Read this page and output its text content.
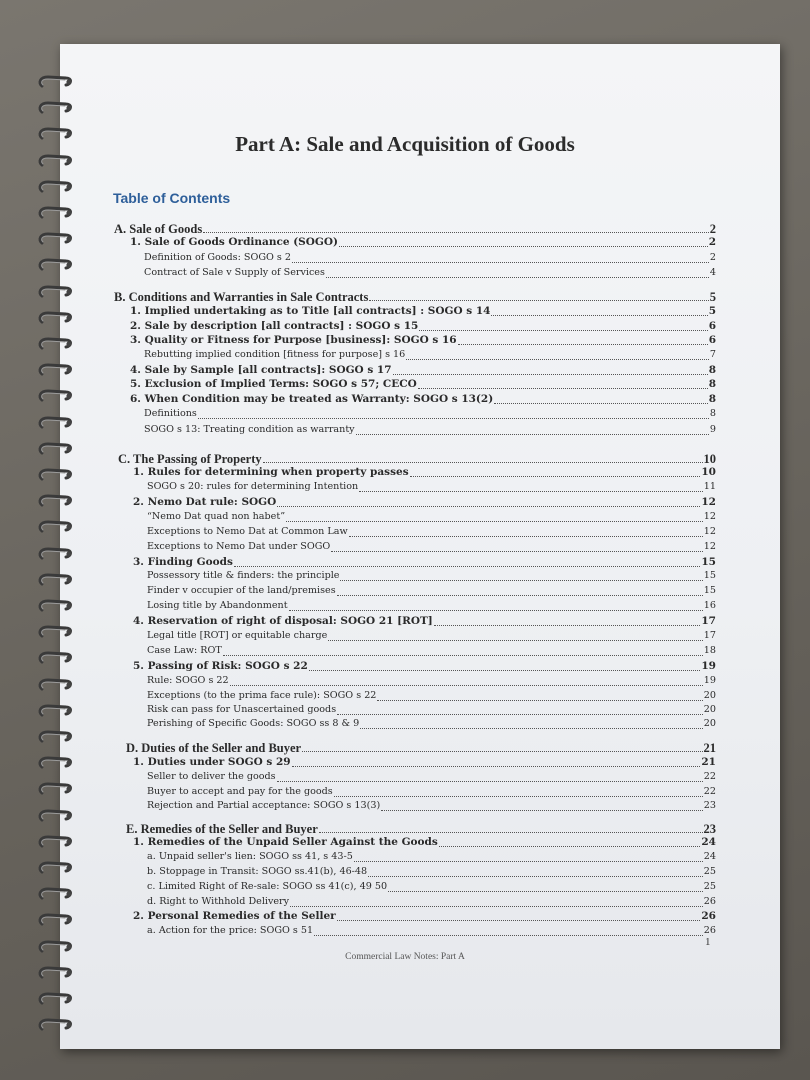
Part A: Sale and Acquisition of Goods
Table of Contents
A. Sale of Goods	2
1. Sale of Goods Ordinance (SOGO)	2
Definition of Goods: SOGO s 2	2
Contract of Sale v Supply of Services	4
B. Conditions and Warranties in Sale Contracts	5
1. Implied undertaking as to Title [all contracts] : SOGO s 14	5
2. Sale by description [all contracts] : SOGO s 15	6
3. Quality or Fitness for Purpose [business]: SOGO s 16	6
Rebutting implied condition [fitness for purpose] s 16	7
4. Sale by Sample [all contracts]: SOGO s 17	8
5. Exclusion of Implied Terms: SOGO s 57; CECO	8
6. When Condition may be treated as Warranty: SOGO s 13(2)	8
Definitions	8
SOGO s 13: Treating condition as warranty	9
C. The Passing of Property	10
1. Rules for determining when property passes	10
SOGO s 20: rules for determining Intention	11
2. Nemo Dat rule: SOGO	12
“Nemo Dat quad non habet”	12
Exceptions to Nemo Dat at Common Law	12
Exceptions to Nemo Dat under SOGO	12
3. Finding Goods	15
Possessory title & finders: the principle	15
Finder v occupier of the land/premises	15
Losing title by Abandonment	16
4. Reservation of right of disposal: SOGO 21 [ROT]	17
Legal title [ROT] or equitable charge	17
Case Law: ROT	18
5. Passing of Risk: SOGO s 22	19
Rule: SOGO s 22	19
Exceptions (to the prima face rule): SOGO s 22	20
Risk can pass for Unascertained goods	20
Perishing of Specific Goods: SOGO ss 8 & 9	20
D. Duties of the Seller and Buyer	21
1. Duties under SOGO s 29	21
Seller to deliver the goods	22
Buyer to accept and pay for the goods	22
Rejection and Partial acceptance: SOGO s 13(3)	23
E. Remedies of the Seller and Buyer	23
1. Remedies of the Unpaid Seller Against the Goods	24
a. Unpaid seller's lien: SOGO ss 41, s 43-5	24
b. Stoppage in Transit: SOGO ss.41(b), 46-48	25
c. Limited Right of Re-sale: SOGO ss 41(c), 49 50	25
d. Right to Withhold Delivery	26
2. Personal Remedies of the Seller	26
a. Action for the price: SOGO s 51	26
1
Commercial Law Notes: Part A
